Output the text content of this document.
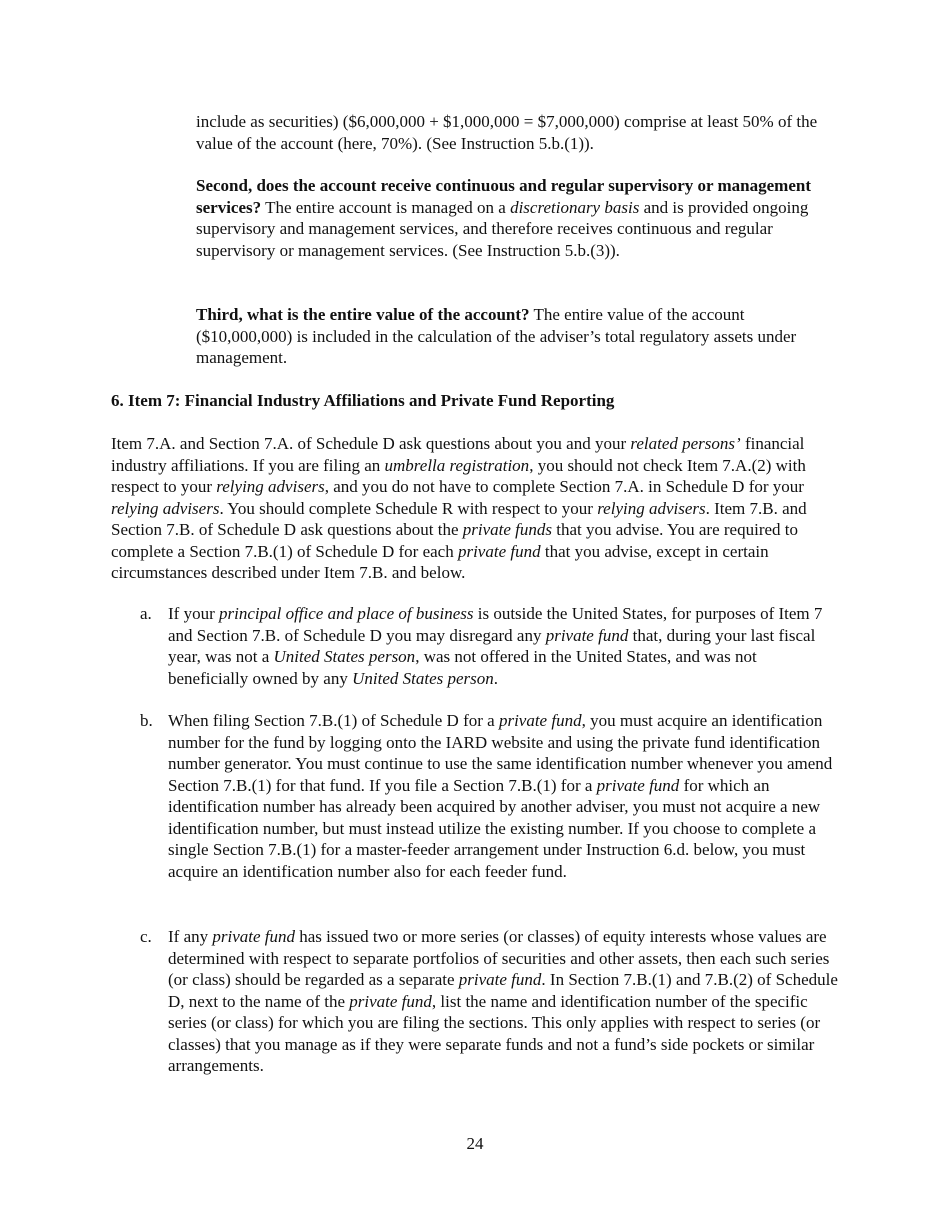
include as securities) ($6,000,000 + $1,000,000 = $7,000,000) comprise at least 50% of the value of the account (here, 70%). (See Instruction 5.b.(1)).

Second, does the account receive continuous and regular supervisory or management services? The entire account is managed on a discretionary basis and is provided ongoing supervisory and management services, and therefore receives continuous and regular supervisory or management services. (See Instruction 5.b.(3)).

Third, what is the entire value of the account? The entire value of the account ($10,000,000) is included in the calculation of the adviser’s total regulatory assets under management.

6. Item 7: Financial Industry Affiliations and Private Fund Reporting

Item 7.A. and Section 7.A. of Schedule D ask questions about you and your related persons’ financial industry affiliations. If you are filing an umbrella registration, you should not check Item 7.A.(2) with respect to your relying advisers, and you do not have to complete Section 7.A. in Schedule D for your relying advisers. You should complete Schedule R with respect to your relying advisers. Item 7.B. and Section 7.B. of Schedule D ask questions about the private funds that you advise. You are required to complete a Section 7.B.(1) of Schedule D for each private fund that you advise, except in certain circumstances described under Item 7.B. and below.

a. If your principal office and place of business is outside the United States, for purposes of Item 7 and Section 7.B. of Schedule D you may disregard any private fund that, during your last fiscal year, was not a United States person, was not offered in the United States, and was not beneficially owned by any United States person.

b. When filing Section 7.B.(1) of Schedule D for a private fund, you must acquire an identification number for the fund by logging onto the IARD website and using the private fund identification number generator. You must continue to use the same identification number whenever you amend Section 7.B.(1) for that fund. If you file a Section 7.B.(1) for a private fund for which an identification number has already been acquired by another adviser, you must not acquire a new identification number, but must instead utilize the existing number. If you choose to complete a single Section 7.B.(1) for a master-feeder arrangement under Instruction 6.d. below, you must acquire an identification number also for each feeder fund.

c. If any private fund has issued two or more series (or classes) of equity interests whose values are determined with respect to separate portfolios of securities and other assets, then each such series (or class) should be regarded as a separate private fund. In Section 7.B.(1) and 7.B.(2) of Schedule D, next to the name of the private fund, list the name and identification number of the specific series (or class) for which you are filing the sections. This only applies with respect to series (or classes) that you manage as if they were separate funds and not a fund’s side pockets or similar arrangements.

24
